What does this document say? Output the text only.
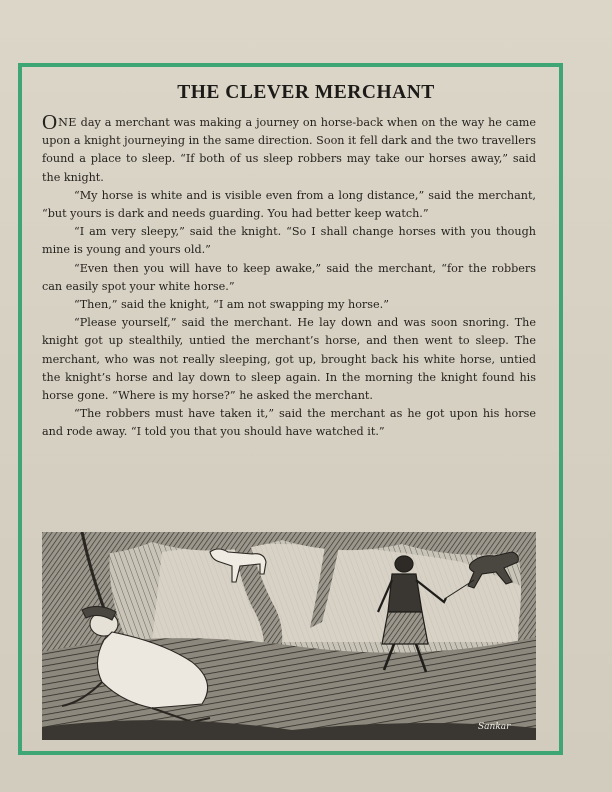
THE CLEVER MERCHANT

ONE day a merchant was making a journey on horse-back when on the way he came upon a knight journeying in the same direction. Soon it fell dark and the two travellers found a place to sleep. “If both of us sleep robbers may take our horses away,” said the knight.

“My horse is white and is visible even from a long distance,” said the merchant, “but yours is dark and needs guarding. You had better keep watch.”

“I am very sleepy,” said the knight. “So I shall change horses with you though mine is young and yours old.”

“Even then you will have to keep awake,” said the merchant, “for the robbers can easily spot your white horse.”

“Then,” said the knight, “I am not swapping my horse.”

“Please yourself,” said the merchant. He lay down and was soon snoring. The knight got up stealthily, untied the merchant’s horse, and then went to sleep. The merchant, who was not really sleeping, got up, brought back his white horse, untied the knight’s horse and lay down to sleep again. In the morning the knight found his horse gone. “Where is my horse?” he asked the merchant.

“The robbers must have taken it,” said the merchant as he got upon his horse and rode away. “I told you that you should have watched it.”

Sankar
